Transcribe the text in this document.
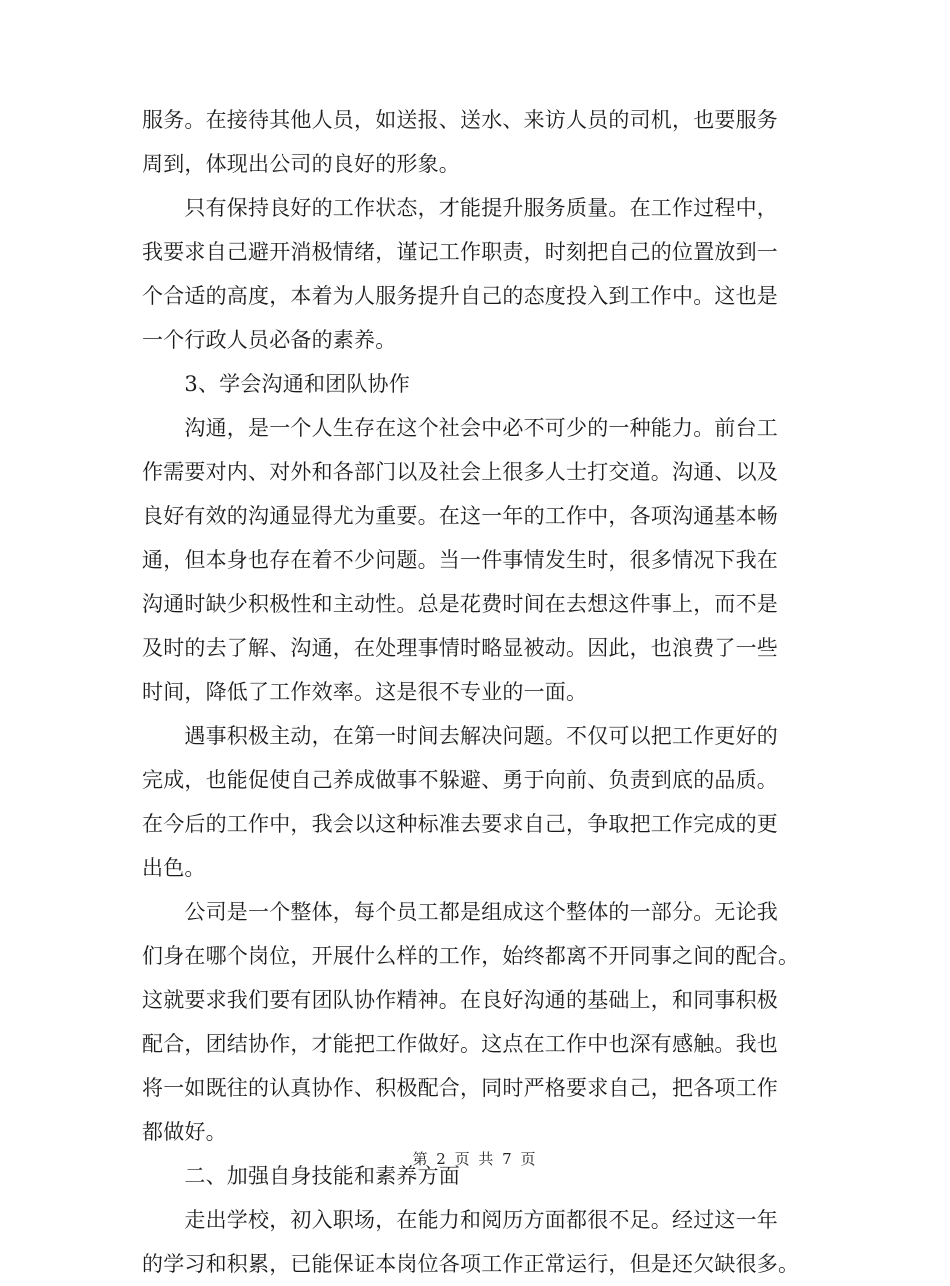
服务。在接待其他人员，如送报、送水、来访人员的司机，也要服务
周到，体现出公司的良好的形象。
　　只有保持良好的工作状态，才能提升服务质量。在工作过程中，
我要求自己避开消极情绪，谨记工作职责，时刻把自己的位置放到一
个合适的高度，本着为人服务提升自己的态度投入到工作中。这也是
一个行政人员必备的素养。
　　3、学会沟通和团队协作
　　沟通，是一个人生存在这个社会中必不可少的一种能力。前台工
作需要对内、对外和各部门以及社会上很多人士打交道。沟通、以及
良好有效的沟通显得尤为重要。在这一年的工作中，各项沟通基本畅
通，但本身也存在着不少问题。当一件事情发生时，很多情况下我在
沟通时缺少积极性和主动性。总是花费时间在去想这件事上，而不是
及时的去了解、沟通，在处理事情时略显被动。因此，也浪费了一些
时间，降低了工作效率。这是很不专业的一面。
　　遇事积极主动，在第一时间去解决问题。不仅可以把工作更好的
完成，也能促使自己养成做事不躲避、勇于向前、负责到底的品质。
在今后的工作中，我会以这种标准去要求自己，争取把工作完成的更
出色。
　　公司是一个整体，每个员工都是组成这个整体的一部分。无论我
们身在哪个岗位，开展什么样的工作，始终都离不开同事之间的配合。
这就要求我们要有团队协作精神。在良好沟通的基础上，和同事积极
配合，团结协作，才能把工作做好。这点在工作中也深有感触。我也
将一如既往的认真协作、积极配合，同时严格要求自己，把各项工作
都做好。
　　二、加强自身技能和素养方面
　　走出学校，初入职场，在能力和阅历方面都很不足。经过这一年
的学习和积累，已能保证本岗位各项工作正常运行，但是还欠缺很多。
第 2 页 共 7 页
